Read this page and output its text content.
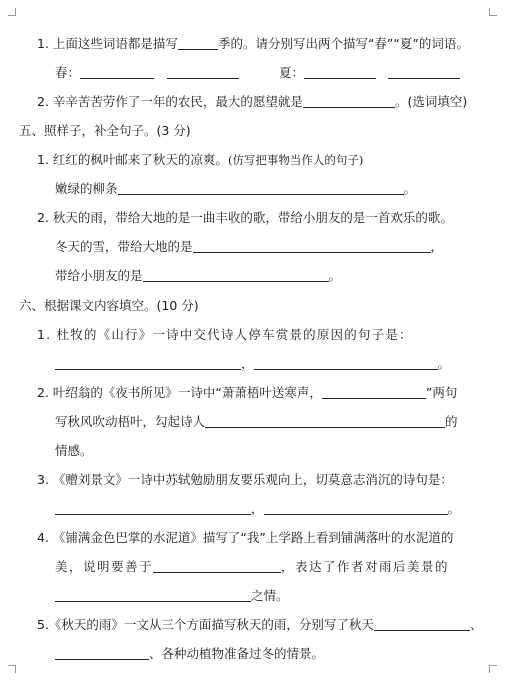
1. 上面这些词语都是描写	季的。请分别写出两个描写“春”“夏”的词语。
春：	夏：
2. 辛辛苦苦劳作了一年的农民，最大的愿望就是	。(选词填空)
五、照样子，补全句子。(3 分)
1. 红红的枫叶邮来了秋天的凉爽。(仿写把事物当作人的句子)
嫩绿的柳条	。
2. 秋天的雨，带给大地的是一曲丰收的歌，带给小朋友的是一首欢乐的歌。
冬天的雪，带给大地的是	，
带给小朋友的是	。
六、根据课文内容填空。(10 分)
1. 杜牧的《山行》一诗中交代诗人停车赏景的原因的句子是：
，	。
2. 叶绍翁的《夜书所见》一诗中“萧萧梧叶送寒声，	”两句
写秋风吹动梧叶，勾起诗人	的
情感。
3. 《赠刘景文》一诗中苏轼勉励朋友要乐观向上，切莫意志消沉的诗句是：
，	。
4. 《铺满金色巴掌的水泥道》描写了“我”上学路上看到铺满落叶的水泥道的
美，说明要善于	，表达了作者对雨后美景的
之情。
5.《秋天的雨》一文从三个方面描写秋天的雨，分别写了秋天	、
、各种动植物准备过冬的情景。
